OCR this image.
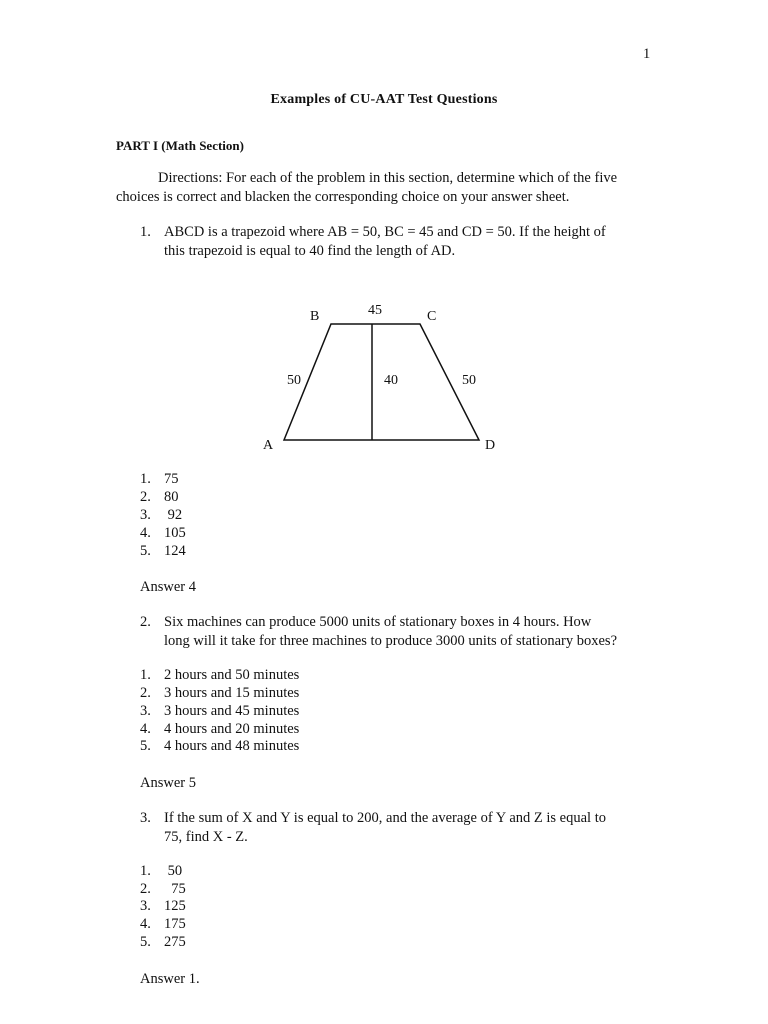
1
Examples of CU-AAT Test Questions
PART I (Math Section)
Directions: For each of the problem in this section, determine which of the five
choices is correct and blacken the corresponding choice on your answer sheet.
1. ABCD is a trapezoid where AB = 50, BC = 45 and CD = 50. If the height of
this trapezoid is equal to 40 find the length of AD.
B	45	C
50	40	50
A	D
1. 75
2. 80
3. 92
4. 105
5. 124
Answer 4
2. Six machines can produce 5000 units of stationary boxes in 4 hours. How
long will it take for three machines to produce 3000 units of stationary boxes?
1. 2 hours and 50 minutes
2. 3 hours and 15 minutes
3. 3 hours and 45 minutes
4. 4 hours and 20 minutes
5. 4 hours and 48 minutes
Answer 5
3. If the sum of X and Y is equal to 200, and the average of Y and Z is equal to
75, find X - Z.
1. 50
2.  75
3. 125
4. 175
5. 275
Answer 1.
